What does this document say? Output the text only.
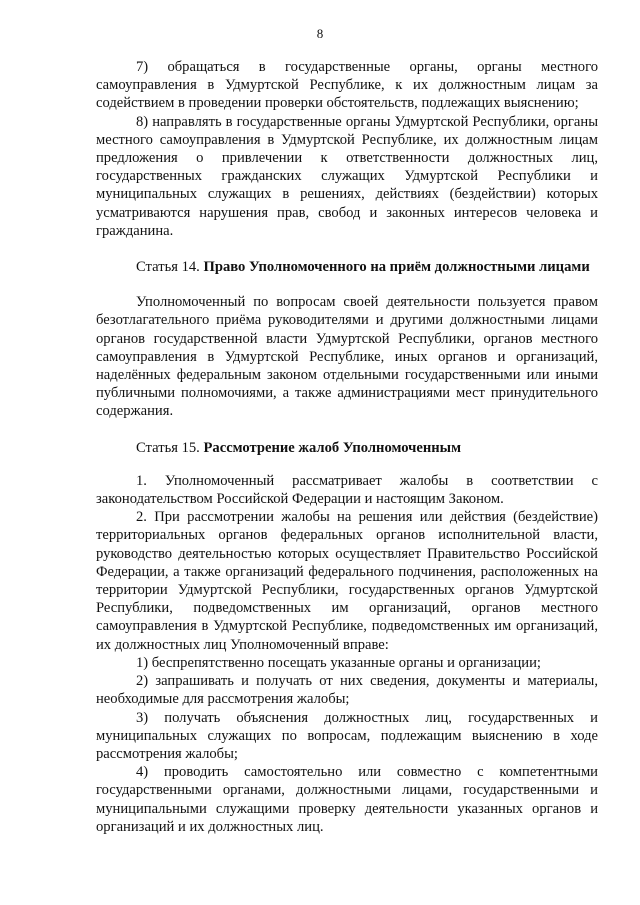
8

7) обращаться в государственные органы, органы местного самоуправления в Удмуртской Республике, к их должностным лицам за содействием в проведении проверки обстоятельств, подлежащих выяснению;

8) направлять в государственные органы Удмуртской Республики, органы местного самоуправления в Удмуртской Республике, их должностным лицам предложения о привлечении к ответственности должностных лиц, государственных гражданских служащих Удмуртской Республики и муниципальных служащих в решениях, действиях (бездействии) которых усматриваются нарушения прав, свобод и законных интересов человека и гражданина.

Статья 14. Право Уполномоченного на приём должностными лицами

Уполномоченный по вопросам своей деятельности пользуется правом безотлагательного приёма руководителями и другими должностными лицами органов государственной власти Удмуртской Республики, органов местного самоуправления в Удмуртской Республике, иных органов и организаций, наделённых федеральным законом отдельными государственными или иными публичными полномочиями, а также администрациями мест принудительного содержания.

Статья 15. Рассмотрение жалоб Уполномоченным

1. Уполномоченный рассматривает жалобы в соответствии с законодательством Российской Федерации и настоящим Законом.

2. При рассмотрении жалобы на решения или действия (бездействие) территориальных органов федеральных органов исполнительной власти, руководство деятельностью которых осуществляет Правительство Российской Федерации, а также организаций федерального подчинения, расположенных на территории Удмуртской Республики, государственных органов Удмуртской Республики, подведомственных им организаций, органов местного самоуправления в Удмуртской Республике, подведомственных им организаций, их должностных лиц Уполномоченный вправе:

1) беспрепятственно посещать указанные органы и организации;

2) запрашивать и получать от них сведения, документы и материалы, необходимые для рассмотрения жалобы;

3) получать объяснения должностных лиц, государственных и муниципальных служащих по вопросам, подлежащим выяснению в ходе рассмотрения жалобы;

4) проводить самостоятельно или совместно с компетентными государственными органами, должностными лицами, государственными и муниципальными служащими проверку деятельности указанных органов и организаций и их должностных лиц.
